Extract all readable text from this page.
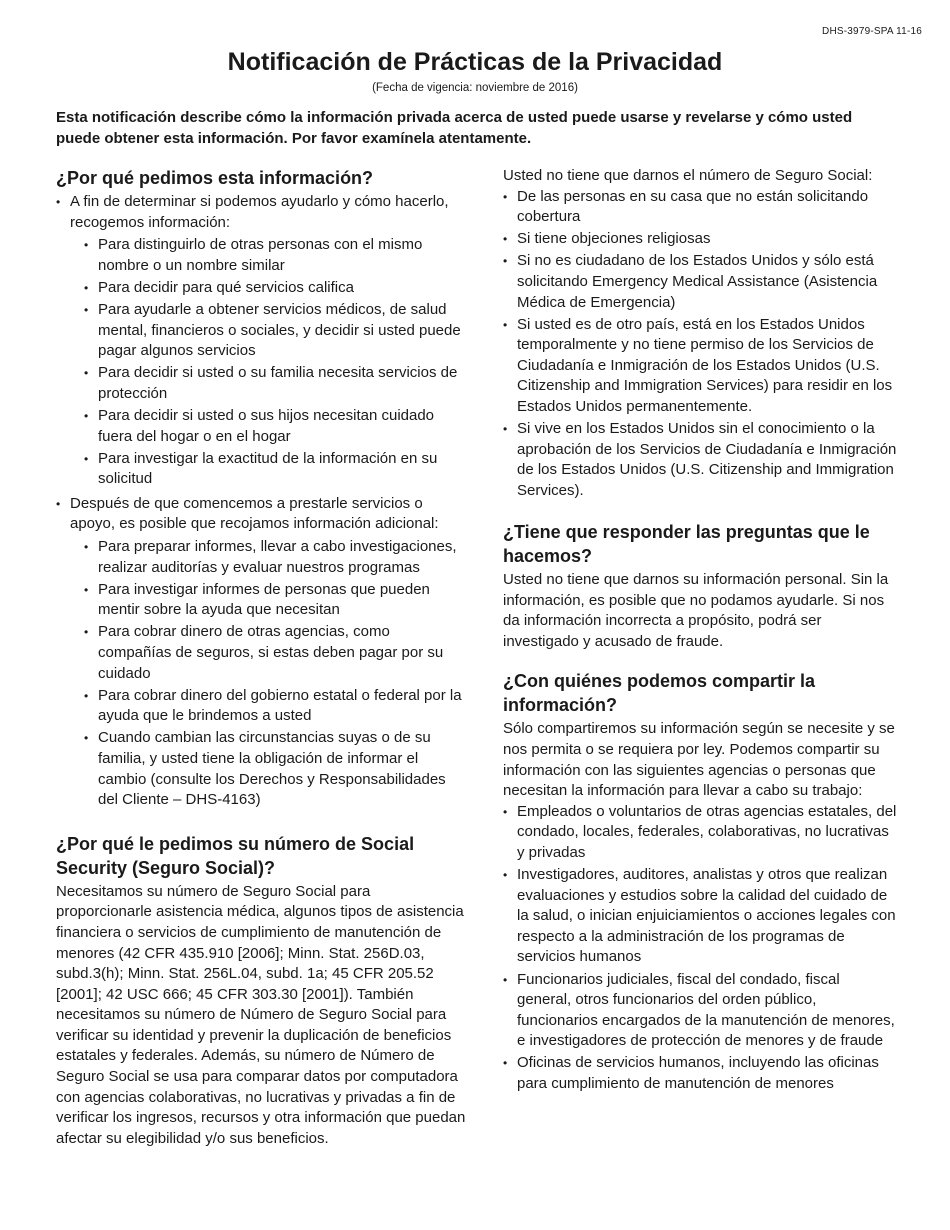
DHS-3979-SPA 11-16
Notificación de Prácticas de la Privacidad
(Fecha de vigencia: noviembre de 2016)

Esta notificación describe cómo la información privada acerca de usted puede usarse y revelarse y cómo usted puede obtener esta información. Por favor examínela atentamente.

¿Por qué pedimos esta información?
• A fin de determinar si podemos ayudarlo y cómo hacerlo, recogemos información:
• Para distinguirlo de otras personas con el mismo nombre o un nombre similar
• Para decidir para qué servicios califica
• Para ayudarle a obtener servicios médicos, de salud mental, financieros o sociales, y decidir si usted puede pagar algunos servicios
• Para decidir si usted o su familia necesita servicios de protección
• Para decidir si usted o sus hijos necesitan cuidado fuera del hogar o en el hogar
• Para investigar la exactitud de la información en su solicitud
• Después de que comencemos a prestarle servicios o apoyo, es posible que recojamos información adicional:
• Para preparar informes, llevar a cabo investigaciones, realizar auditorías y evaluar nuestros programas
• Para investigar informes de personas que pueden mentir sobre la ayuda que necesitan
• Para cobrar dinero de otras agencias, como compañías de seguros, si estas deben pagar por su cuidado
• Para cobrar dinero del gobierno estatal o federal por la ayuda que le brindemos a usted
• Cuando cambian las circunstancias suyas o de su familia, y usted tiene la obligación de informar el cambio (consulte los Derechos y Responsabilidades del Cliente – DHS-4163)
¿Por qué le pedimos su número de Social Security (Seguro Social)?

Necesitamos su número de Seguro Social para proporcionarle asistencia médica, algunos tipos de asistencia financiera o servicios de cumplimiento de manutención de menores (42 CFR 435.910 [2006]; Minn. Stat. 256D.03, subd.3(h); Minn. Stat. 256L.04, subd. 1a; 45 CFR 205.52 [2001]; 42 USC 666; 45 CFR 303.30 [2001]). También necesitamos su número de Número de Seguro Social para verificar su identidad y prevenir la duplicación de beneficios estatales y federales. Además, su número de Número de Seguro Social se usa para comparar datos por computadora con agencias colaborativas, no lucrativas y privadas a fin de verificar los ingresos, recursos y otra información que puedan afectar su elegibilidad y/o sus beneficios.

Usted no tiene que darnos el número de Seguro Social:

• De las personas en su casa que no están solicitando cobertura
• Si tiene objeciones religiosas
• Si no es ciudadano de los Estados Unidos y sólo está solicitando Emergency Medical Assistance (Asistencia Médica de Emergencia)
• Si usted es de otro país, está en los Estados Unidos temporalmente y no tiene permiso de los Servicios de Ciudadanía e Inmigración de los Estados Unidos (U.S. Citizenship and Immigration Services) para residir en los Estados Unidos permanentemente.
• Si vive en los Estados Unidos sin el conocimiento o la aprobación de los Servicios de Ciudadanía e Inmigración de los Estados Unidos (U.S. Citizenship and Immigration Services).
¿Tiene que responder las preguntas que le hacemos?

Usted no tiene que darnos su información personal. Sin la información, es posible que no podamos ayudarle. Si nos da información incorrecta a propósito, podrá ser investigado y acusado de fraude.

¿Con quiénes podemos compartir la información?

Sólo compartiremos su información según se necesite y se nos permita o se requiera por ley. Podemos compartir su información con las siguientes agencias o personas que necesitan la información para llevar a cabo su trabajo:

• Empleados o voluntarios de otras agencias estatales, del condado, locales, federales, colaborativas, no lucrativas y privadas
• Investigadores, auditores, analistas y otros que realizan evaluaciones y estudios sobre la calidad del cuidado de la salud, o inician enjuiciamientos o acciones legales con respecto a la administración de los programas de servicios humanos
• Funcionarios judiciales, fiscal del condado, fiscal general, otros funcionarios del orden público, funcionarios encargados de la manutención de menores, e investigadores de protección de menores y de fraude
• Oficinas de servicios humanos, incluyendo las oficinas para cumplimiento de manutención de menores
